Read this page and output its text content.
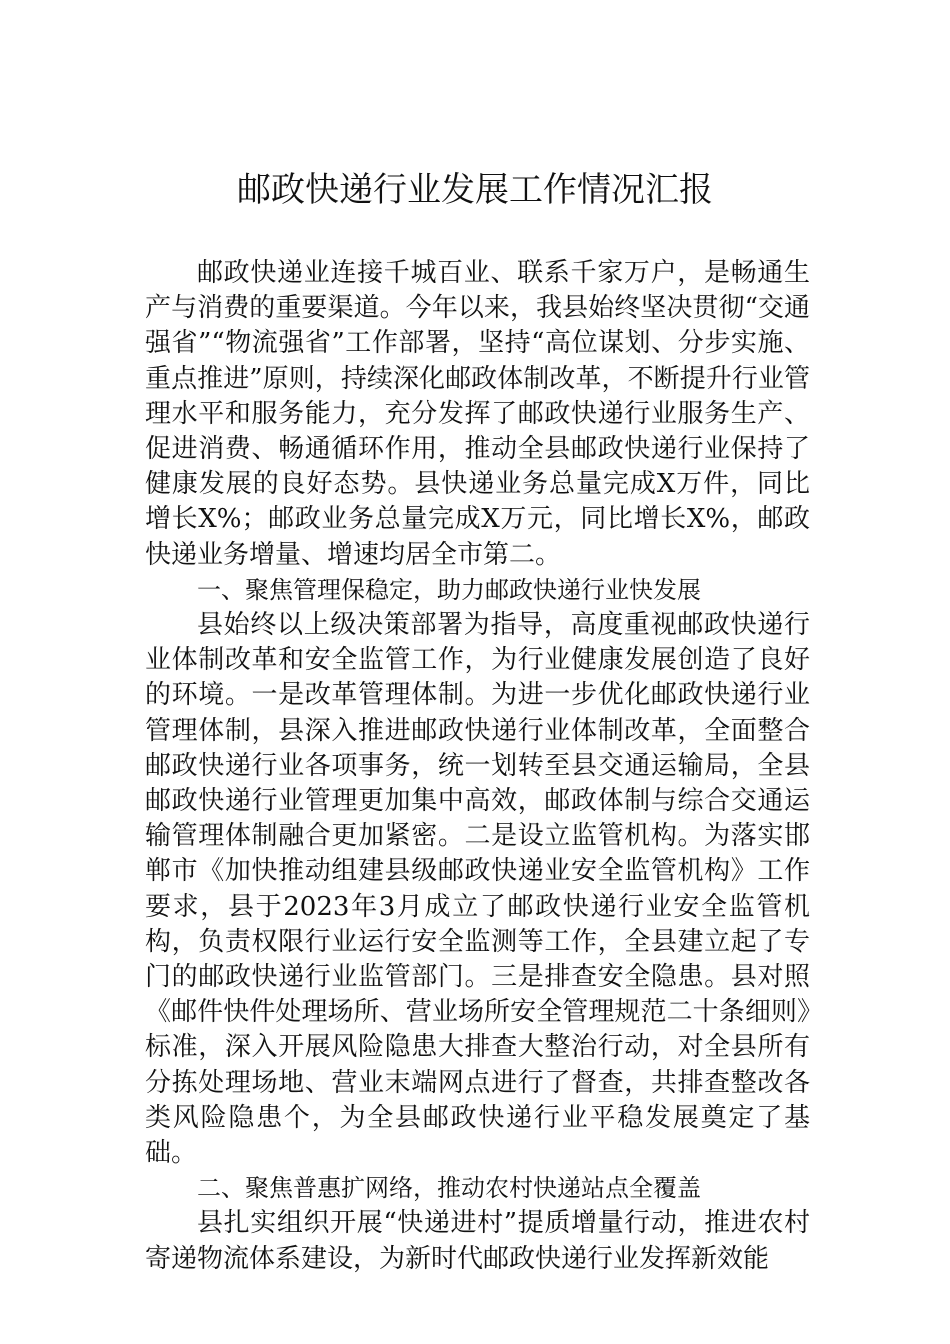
邮政快递行业发展工作情况汇报

邮政快递业连接千城百业、联系千家万户，是畅通生产与消费的重要渠道。今年以来，我县始终坚决贯彻“交通强省”“物流强省”工作部署，坚持“高位谋划、分步实施、重点推进”原则，持续深化邮政体制改革，不断提升行业管理水平和服务能力，充分发挥了邮政快递行业服务生产、促进消费、畅通循环作用，推动全县邮政快递行业保持了健康发展的良好态势。县快递业务总量完成X万件，同比增长X%；邮政业务总量完成X万元，同比增长X%，邮政快递业务增量、增速均居全市第二。

一、聚焦管理保稳定，助力邮政快递行业快发展

县始终以上级决策部署为指导，高度重视邮政快递行业体制改革和安全监管工作，为行业健康发展创造了良好的环境。一是改革管理体制。为进一步优化邮政快递行业管理体制，县深入推进邮政快递行业体制改革，全面整合邮政快递行业各项事务，统一划转至县交通运输局，全县邮政快递行业管理更加集中高效，邮政体制与综合交通运输管理体制融合更加紧密。二是设立监管机构。为落实邯郸市《加快推动组建县级邮政快递业安全监管机构》工作要求，县于2023年3月成立了邮政快递行业安全监管机构，负责权限行业运行安全监测等工作，全县建立起了专门的邮政快递行业监管部门。三是排查安全隐患。县对照《邮件快件处理场所、营业场所安全管理规范二十条细则》标准，深入开展风险隐患大排查大整治行动，对全县所有分拣处理场地、营业末端网点进行了督查，共排查整改各类风险隐患个，为全县邮政快递行业平稳发展奠定了基础。

二、聚焦普惠扩网络，推动农村快递站点全覆盖

县扎实组织开展“快递进村”提质增量行动，推进农村寄递物流体系建设，为新时代邮政快递行业发挥新效能
